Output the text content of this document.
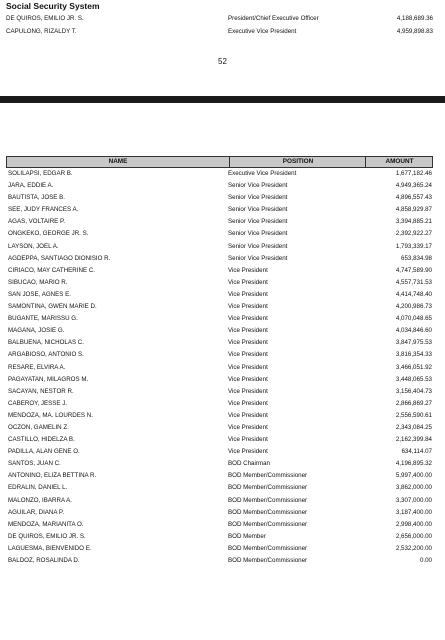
Social Security System
DE QUIROS, EMILIO JR. S.	President/Chief Executive Officer	4,188,689.36
CAPULONG, RIZALDY T.	Executive Vice President	4,959,898.83
52
NAME	POSITION	AMOUNT
SOLILAPSI, EDGAR B.	Executive Vice President	1,677,182.46
JARA, EDDIE A.	Senior Vice President	4,949,365.24
BAUTISTA, JOSE B.	Senior Vice President	4,896,557.43
SEE, JUDY FRANCES A.	Senior Vice President	4,858,929.87
AGAS, VOLTAIRE P.	Senior Vice President	3,394,885.21
ONGKEKO, GEORGE JR. S.	Senior Vice President	2,392,922.27
LAYSON, JOEL A.	Senior Vice President	1,793,339.17
AGDEPPA, SANTIAGO DIONISIO R.	Senior Vice President	653,834.98
CIRIACO, MAY CATHERINE C.	Vice President	4,747,589.90
SIBUCAO, MARIO R.	Vice President	4,557,731.53
SAN JOSE, AGNES E.	Vice President	4,414,748.40
SAMONTINA, GWEN MARIE D.	Vice President	4,200,986.73
BUGANTE, MARISSU G.	Vice President	4,070,048.65
MAGANA, JOSIE G.	Vice President	4,034,846.60
BALBUENA, NICHOLAS C.	Vice President	3,847,975.53
ARGABIOSO, ANTONIO S.	Vice President	3,816,354.33
RESARE, ELVIRA A.	Vice President	3,466,051.92
PAGAYATAN, MILAGROS M.	Vice President	3,448,065.53
SACAYAN, NESTOR R.	Vice President	3,156,404.73
CABEROY, JESSE J.	Vice President	2,866,869.27
MENDOZA, MA. LOURDES N.	Vice President	2,556,590.61
OCZON, GAMELIN Z.	Vice President	2,343,084.25
CASTILLO, HIDELZA B.	Vice President	2,162,399.84
PADILLA, ALAN GENE O.	Vice President	634,114.07
SANTOS, JUAN C.	BOD Chairman	4,196,895.32
ANTONINO, ELIZA BETTINA R.	BOD Member/Commissioner	5,997,400.00
EDRALIN, DANIEL L.	BOD Member/Commissioner	3,862,000.00
MALONZO, IBARRA A.	BOD Member/Commissioner	3,307,000.00
AGUILAR, DIANA P.	BOD Member/Commissioner	3,187,400.00
MENDOZA, MARIANITA O.	BOD Member/Commissioner	2,998,400.00
DE QUIROS, EMILIO JR. S.	BOD Member	2,656,000.00
LAGUESMA, BIENVENIDO E.	BOD Member/Commissioner	2,532,200.00
BALDOZ, ROSALINDA D.	BOD Member/Commissioner	0.00
